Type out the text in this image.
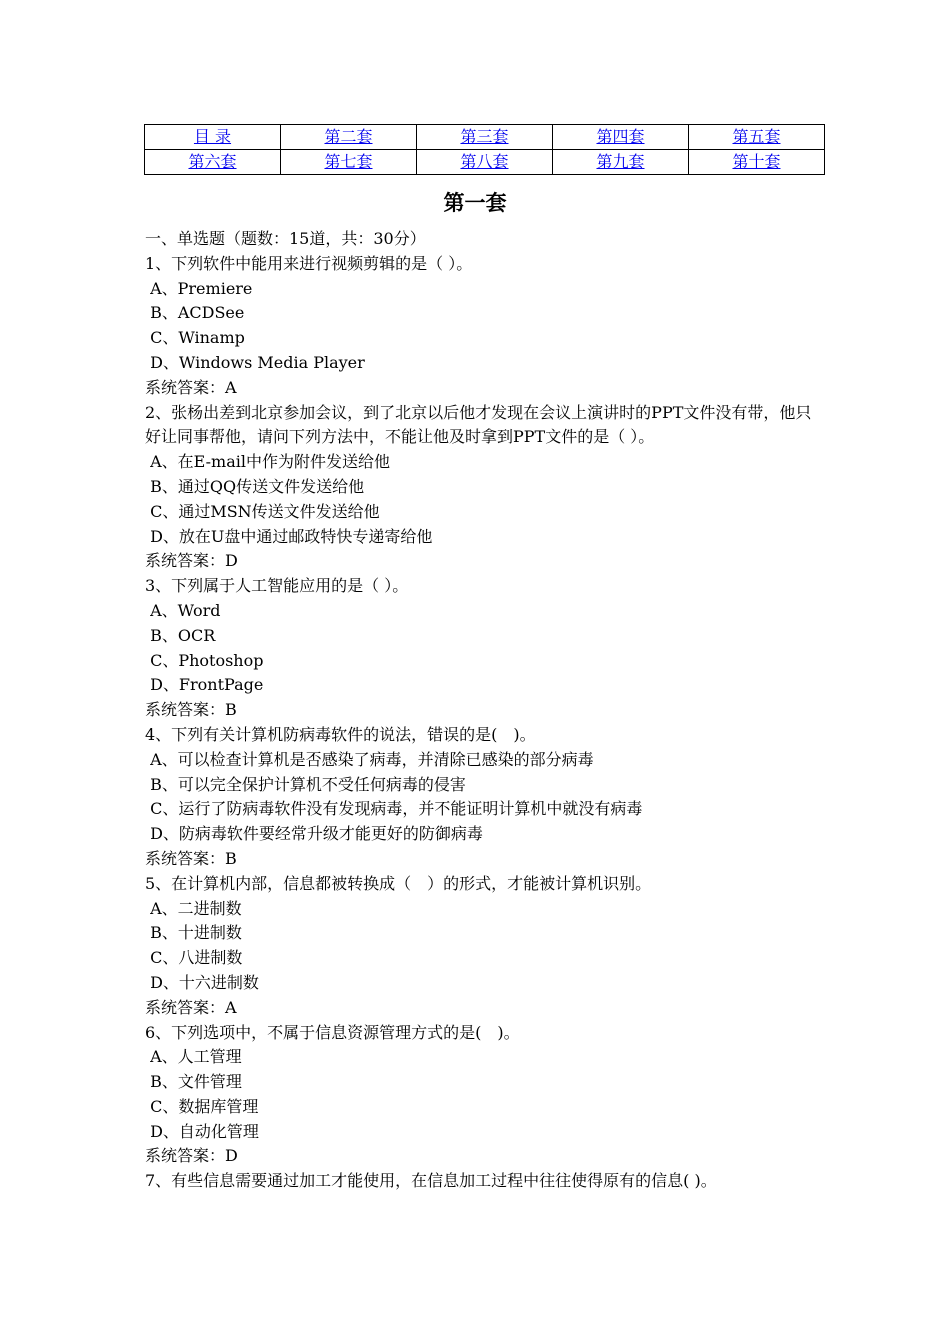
目 录	第二套	第三套	第四套	第五套
第六套	第七套	第八套	第九套	第十套
第一套
一、单选题（题数：15道，共：30分）
1、下列软件中能用来进行视频剪辑的是（ ）。
A、Premiere
B、ACDSee
C、Winamp
D、Windows Media Player
系统答案：A
2、张杨出差到北京参加会议，到了北京以后他才发现在会议上演讲时的PPT文件没有带，他只好让同事帮他，请问下列方法中，不能让他及时拿到PPT文件的是（ ）。
A、在E-mail中作为附件发送给他
B、通过QQ传送文件发送给他
C、通过MSN传送文件发送给他
D、放在U盘中通过邮政特快专递寄给他
系统答案：D
3、下列属于人工智能应用的是（ ）。
A、Word
B、OCR
C、Photoshop
D、FrontPage
系统答案：B
4、下列有关计算机防病毒软件的说法，错误的是(　)。
A、可以检查计算机是否感染了病毒，并清除已感染的部分病毒
B、可以完全保护计算机不受任何病毒的侵害
C、运行了防病毒软件没有发现病毒，并不能证明计算机中就没有病毒
D、防病毒软件要经常升级才能更好的防御病毒
系统答案：B
5、在计算机内部，信息都被转换成（　）的形式，才能被计算机识别。
A、二进制数
B、十进制数
C、八进制数
D、十六进制数
系统答案：A
6、下列选项中，不属于信息资源管理方式的是(　)。
A、人工管理
B、文件管理
C、数据库管理
D、自动化管理
系统答案：D
7、有些信息需要通过加工才能使用，在信息加工过程中往往使得原有的信息( )。
